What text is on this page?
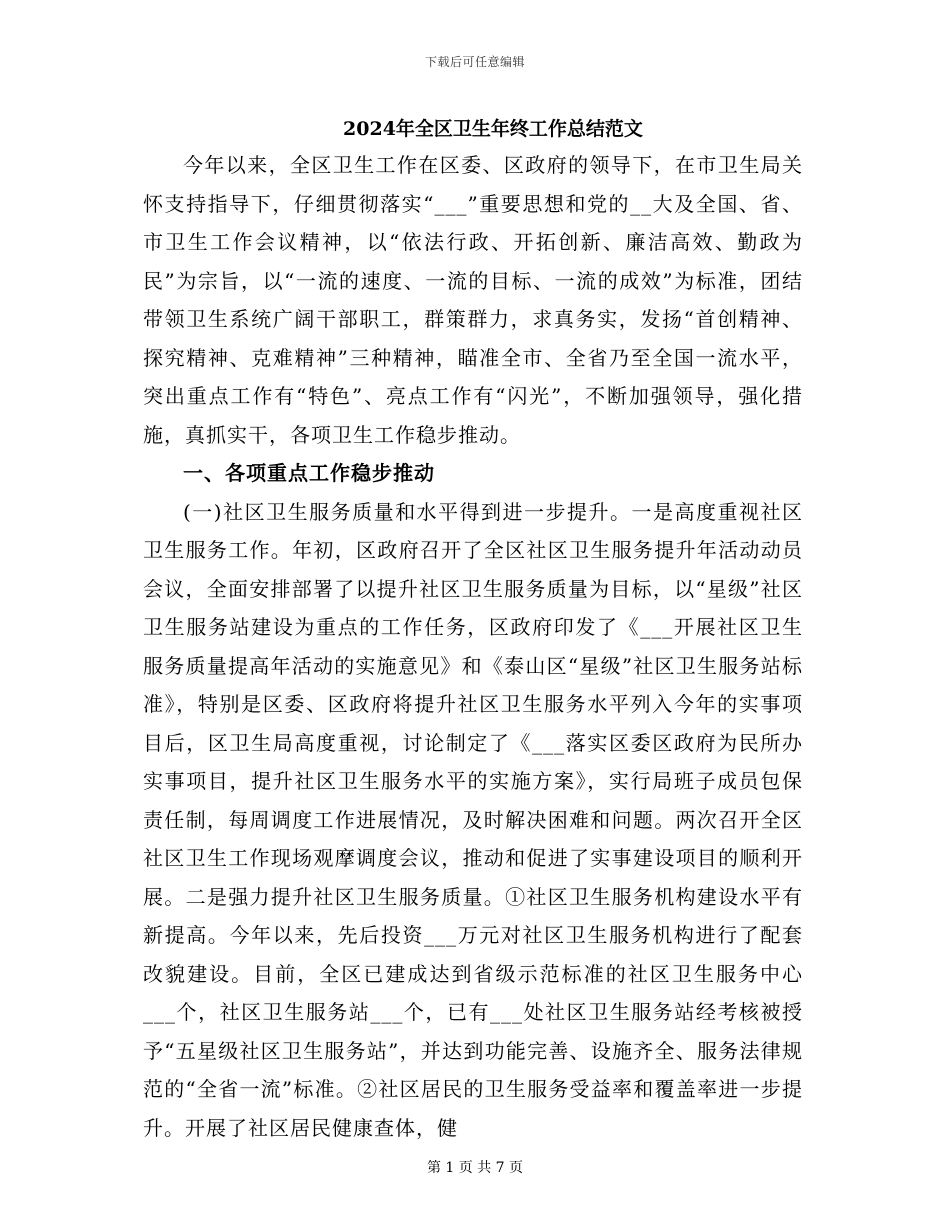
下载后可任意编辑
2024年全区卫生年终工作总结范文

今年以来，全区卫生工作在区委、区政府的领导下，在市卫生局关怀支持指导下，仔细贯彻落实“___”重要思想和党的__大及全国、省、市卫生工作会议精神，以“依法行政、开拓创新、廉洁高效、勤政为民”为宗旨，以“一流的速度、一流的目标、一流的成效”为标准，团结带领卫生系统广阔干部职工，群策群力，求真务实，发扬“首创精神、探究精神、克难精神”三种精神，瞄准全市、全省乃至全国一流水平，突出重点工作有“特色”、亮点工作有“闪光”，不断加强领导，强化措施，真抓实干，各项卫生工作稳步推动。

一、各项重点工作稳步推动

(一)社区卫生服务质量和水平得到进一步提升。一是高度重视社区卫生服务工作。年初，区政府召开了全区社区卫生服务提升年活动动员会议，全面安排部署了以提升社区卫生服务质量为目标，以“星级”社区卫生服务站建设为重点的工作任务，区政府印发了《___开展社区卫生服务质量提高年活动的实施意见》和《泰山区“星级”社区卫生服务站标准》，特别是区委、区政府将提升社区卫生服务水平列入今年的实事项目后，区卫生局高度重视，讨论制定了《___落实区委区政府为民所办实事项目，提升社区卫生服务水平的实施方案》，实行局班子成员包保责任制，每周调度工作进展情况，及时解决困难和问题。两次召开全区社区卫生工作现场观摩调度会议，推动和促进了实事建设项目的顺利开展。二是强力提升社区卫生服务质量。①社区卫生服务机构建设水平有新提高。今年以来，先后投资___万元对社区卫生服务机构进行了配套改貌建设。目前，全区已建成达到省级示范标准的社区卫生服务中心___个，社区卫生服务站___个，已有___处社区卫生服务站经考核被授予“五星级社区卫生服务站”，并达到功能完善、设施齐全、服务法律规范的“全省一流”标准。②社区居民的卫生服务受益率和覆盖率进一步提升。开展了社区居民健康查体，健

第 1 页 共 7 页
